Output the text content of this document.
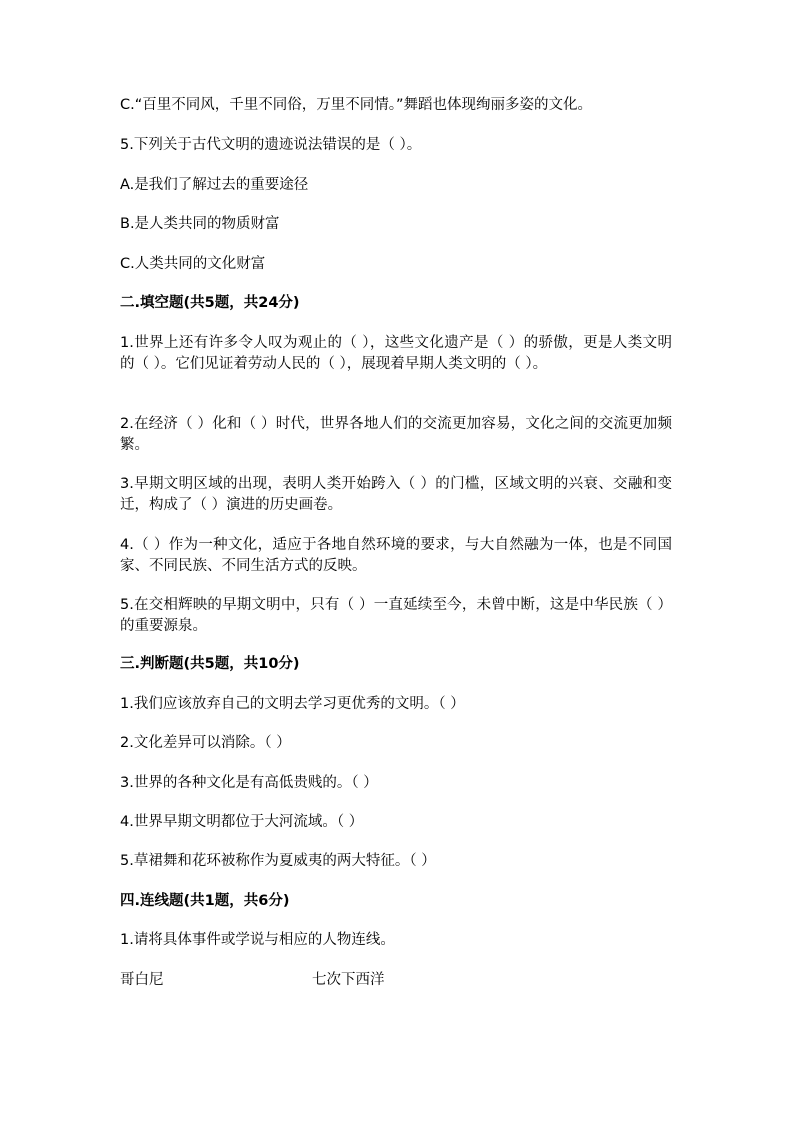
C.“百里不同风，千里不同俗，万里不同情。”舞蹈也体现绚丽多姿的文化。
5.下列关于古代文明的遗迹说法错误的是（ ）。
A.是我们了解过去的重要途径
B.是人类共同的物质财富
C.人类共同的文化财富
二.填空题(共5题，共24分)
1.世界上还有许多令人叹为观止的（ ），这些文化遗产是（ ）的骄傲，更是人类文明的（ ）。它们见证着劳动人民的（ ），展现着早期人类文明的（ ）。
2.在经济（ ）化和（ ）时代，世界各地人们的交流更加容易，文化之间的交流更加频繁。
3.早期文明区域的出现，表明人类开始跨入（ ）的门槛，区域文明的兴衰、交融和变迁，构成了（ ）演进的历史画卷。
4.（ ）作为一种文化，适应于各地自然环境的要求，与大自然融为一体，也是不同国家、不同民族、不同生活方式的反映。
5.在交相辉映的早期文明中，只有（ ）一直延续至今，未曾中断，这是中华民族（ ）的重要源泉。
三.判断题(共5题，共10分)
1.我们应该放弃自己的文明去学习更优秀的文明。（ ）
2.文化差异可以消除。（ ）
3.世界的各种文化是有高低贵贱的。（ ）
4.世界早期文明都位于大河流域。（ ）
5.草裙舞和花环被称作为夏威夷的两大特征。（ ）
四.连线题(共1题，共6分)
1.请将具体事件或学说与相应的人物连线。
哥白尼	七次下西洋
